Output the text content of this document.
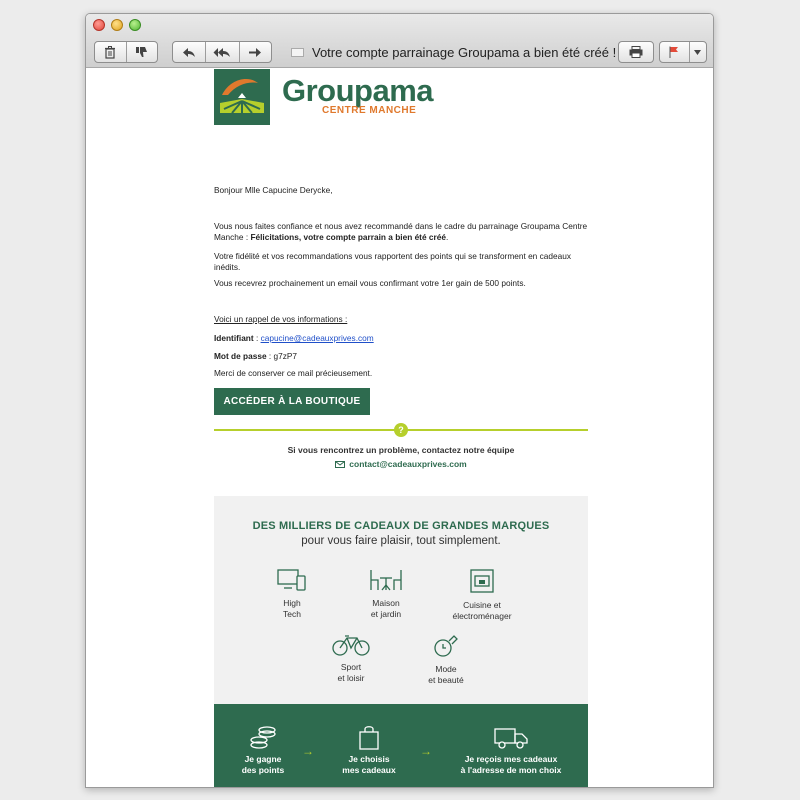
Votre compte parrainage Groupama a bien été créé !
Groupama
CENTRE MANCHE
Bonjour Mlle Capucine Derycke,
Vous nous faites confiance et nous avez recommandé dans le cadre du parrainage Groupama Centre Manche : Félicitations, votre compte parrain a bien été créé.
Votre fidélité et vos recommandations vous rapportent des points qui se transforment en cadeaux inédits.
Vous recevrez prochainement un email vous confirmant votre 1er gain de 500 points.
Voici un rappel de vos informations :
Identifiant : capucine@cadeauxprives.com
Mot de passe : g7zP7
Merci de conserver ce mail précieusement.
ACCÉDER À LA BOUTIQUE
?
Si vous rencontrez un problème, contactez notre équipe
contact@cadeauxprives.com
DES MILLIERS DE CADEAUX DE GRANDES MARQUES
pour vous faire plaisir, tout simplement.
High
Tech
Maison
et jardin
Cuisine et
électroménager
Sport
et loisir
Mode
et beauté
Je gagne
des points
→
Je choisis
mes cadeaux
→
Je reçois mes cadeaux
à l'adresse de mon choix
